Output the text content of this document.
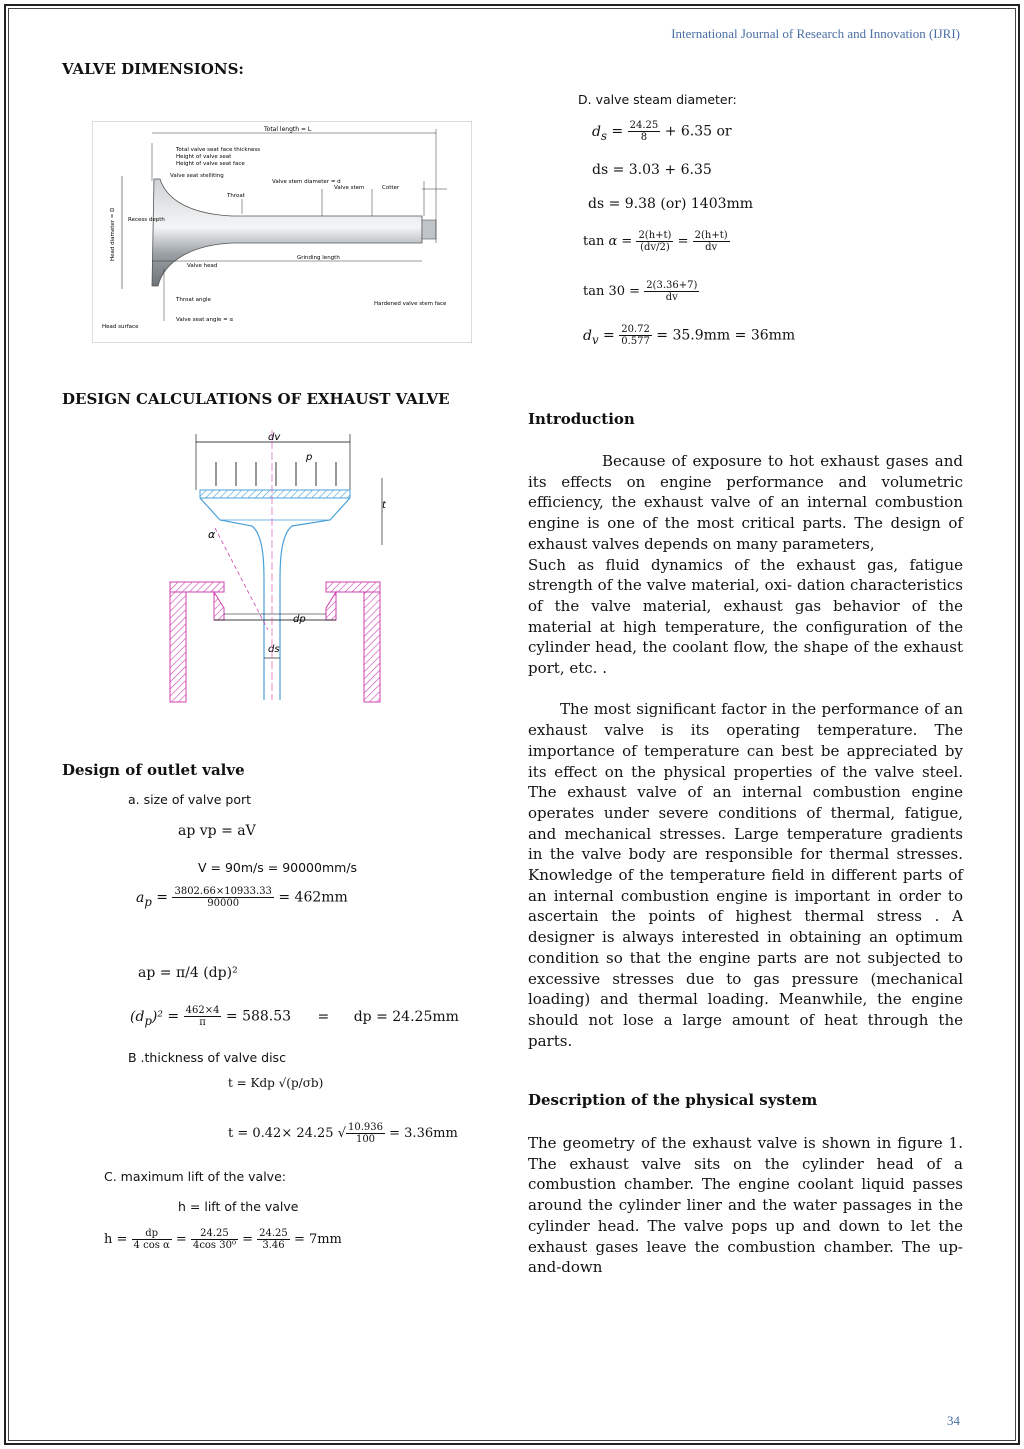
International Journal of Research and Innovation (IJRI)
VALVE DIMENSIONS:
Total length = L
Total valve seat face thickness
Height of valve seat
Height of valve seat face
Valve seat stelliting
Throat
Valve stem diameter = d
Valve stem	Cotter
Recess depth
Head diameter = D
Valve head
Grinding length
Throat angle
Hardened valve stem face
Valve seat angle = α
Head surface
DESIGN CALCULATIONS OF EXHAUST VALVE
dv
p
t
α
dp
ds
Design of outlet valve
a. size of valve port
ap vp = aV
V = 90m/s = 90000mm/s
$a_p = \frac{3802.66\times 10933.33}{90000} = 462mm$
ap = π/4 (dp)²
$(d_p)^2 = \frac{462\times 4}{\pi} = 588.53$ = dp = 24.25mm
B .thickness of valve disc
t = Kdp √(p/σb)
t = 0.42× 24.25 √ $\frac{10.936}{100} = 3.36mm$
C. maximum lift of the valve:
h = lift of the valve
$h = \frac{dp}{\text{4 cos α}} = \frac{24.25}{\text{4cos 30⁰}} = \frac{24.25}{3.46} = 7mm$
D. valve steam diameter:
$d_s = \frac{24.25}{8} + 6.35$ or
ds = 3.03 + 6.35
ds = 9.38 (or) 1403mm
$\tan \alpha = \frac{2(h+t)}{(dv/2)} = \frac{2(h+t)}{dv}$
$\tan 30 = \frac{2(3.36+7)}{dv}$
$d_v = \frac{20.72}{0.577} = 35.9mm = 36mm$
Introduction

Because of exposure to hot exhaust gases and its effects on engine performance and volumetric efficiency, the exhaust valve of an internal combustion engine is one of the most critical parts. The design of exhaust valves depends on many parameters,

Such as fluid dynamics of the exhaust gas, fatigue strength of the valve material, oxi- dation characteristics of the valve material, exhaust gas behavior of the material at high temperature, the configuration of the cylinder head, the coolant flow, the shape of the exhaust port, etc. .

The most significant factor in the performance of an exhaust valve is its operating temperature. The importance of temperature can best be appreciated by its effect on the physical properties of the valve steel. The exhaust valve of an internal combustion engine operates under severe conditions of thermal, fatigue, and mechanical stresses. Large temperature gradients in the valve body are responsible for thermal stresses. Knowledge of the temperature field in different parts of an internal combustion engine is important in order to ascertain the points of highest thermal stress . A designer is always interested in obtaining an optimum condition so that the engine parts are not subjected to excessive stresses due to gas pressure (mechanical loading) and thermal loading. Meanwhile, the engine should not lose a large amount of heat through the parts.

Description of the physical system

The geometry of the exhaust valve is shown in figure 1. The exhaust valve sits on the cylinder head of a combustion chamber. The engine coolant liquid passes around the cylinder liner and the water passages in the cylinder head. The valve pops up and down to let the exhaust gases leave the combustion chamber. The up-and-down

34
